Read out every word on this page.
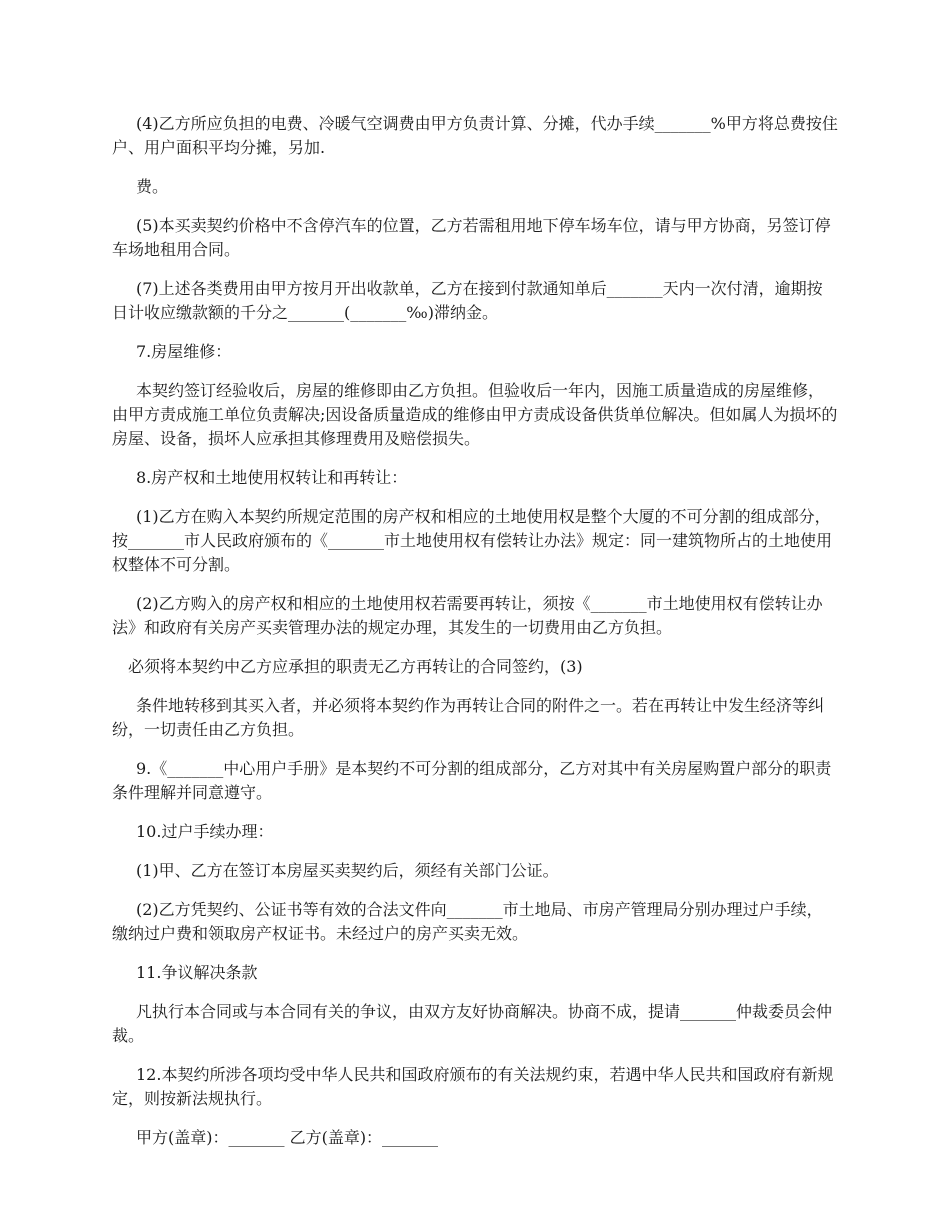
(4)乙方所应负担的电费、冷暖气空调费由甲方负责计算、分摊，代办手续_______%甲方将总费按住户、用户面积平均分摊，另加.

费。

(5)本买卖契约价格中不含停汽车的位置，乙方若需租用地下停车场车位，请与甲方协商，另签订停车场地租用合同。

(7)上述各类费用由甲方按月开出收款单，乙方在接到付款通知单后_______天内一次付清，逾期按日计收应缴款额的千分之_______(_______‰)滞纳金。

7.房屋维修：

本契约签订经验收后，房屋的维修即由乙方负担。但验收后一年内，因施工质量造成的房屋维修，由甲方责成施工单位负责解决;因设备质量造成的维修由甲方责成设备供货单位解决。但如属人为损坏的房屋、设备，损坏人应承担其修理费用及赔偿损失。

8.房产权和土地使用权转让和再转让：

(1)乙方在购入本契约所规定范围的房产权和相应的土地使用权是整个大厦的不可分割的组成部分，按_______市人民政府颁布的《_______市土地使用权有偿转让办法》规定：同一建筑物所占的土地使用权整体不可分割。

(2)乙方购入的房产权和相应的土地使用权若需要再转让，须按《_______市土地使用权有偿转让办法》和政府有关房产买卖管理办法的规定办理，其发生的一切费用由乙方负担。

必须将本契约中乙方应承担的职责无乙方再转让的合同签约，(3)

条件地转移到其买入者，并必须将本契约作为再转让合同的附件之一。若在再转让中发生经济等纠纷，一切责任由乙方负担。

9.《_______中心用户手册》是本契约不可分割的组成部分，乙方对其中有关房屋购置户部分的职责条件理解并同意遵守。

10.过户手续办理：

(1)甲、乙方在签订本房屋买卖契约后，须经有关部门公证。

(2)乙方凭契约、公证书等有效的合法文件向_______市土地局、市房产管理局分别办理过户手续，缴纳过户费和领取房产权证书。未经过户的房产买卖无效。

11.争议解决条款

凡执行本合同或与本合同有关的争议，由双方友好协商解决。协商不成，提请_______仲裁委员会仲裁。

12.本契约所涉各项均受中华人民共和国政府颁布的有关法规约束，若遇中华人民共和国政府有新规定，则按新法规执行。

甲方(盖章)：_______ 乙方(盖章)：_______
